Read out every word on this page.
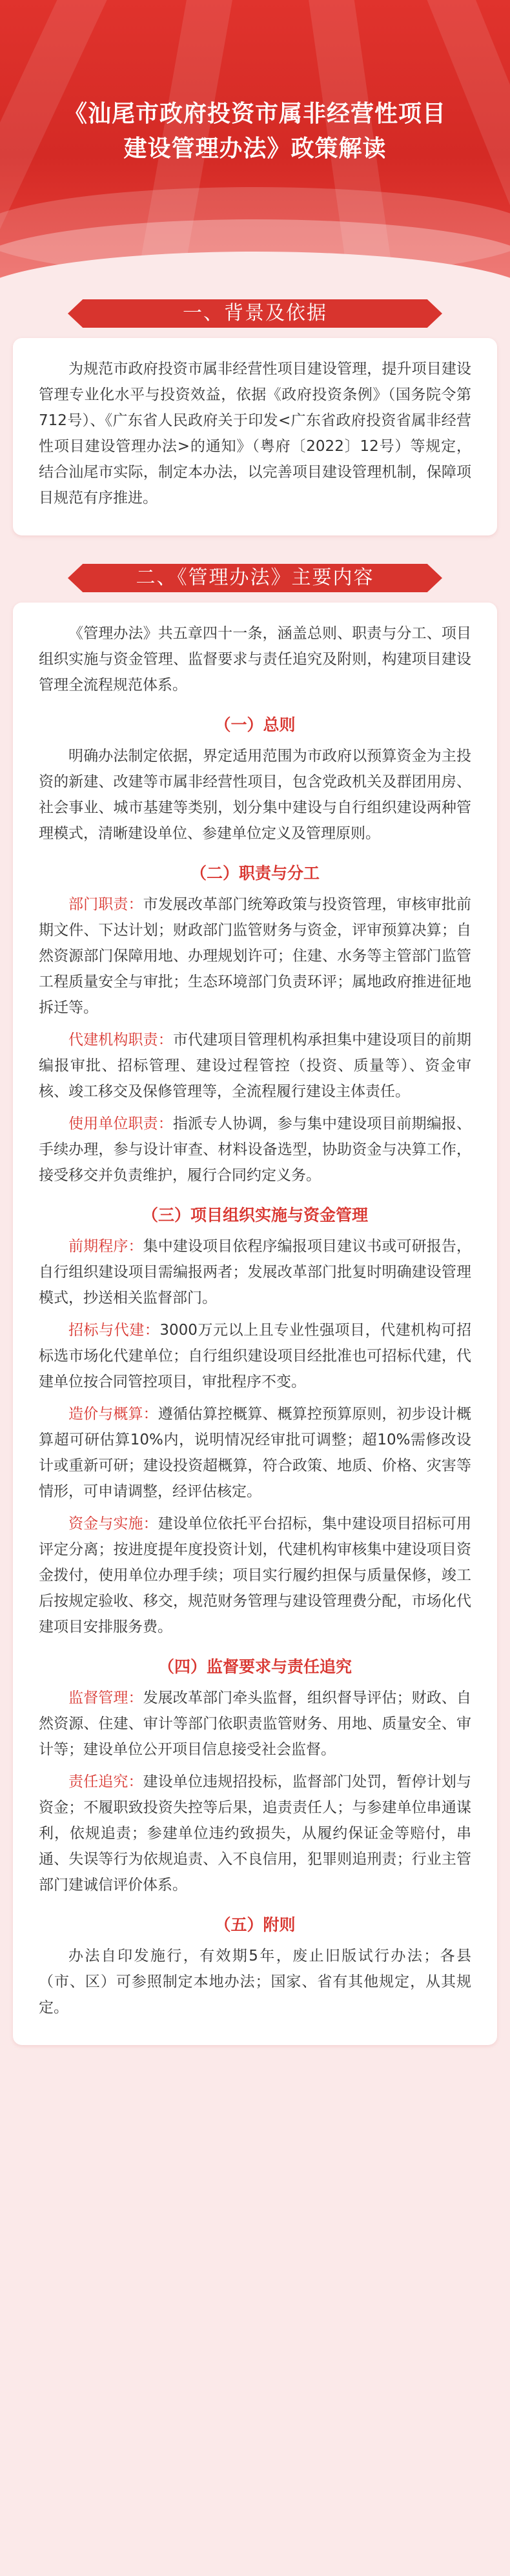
《汕尾市政府投资市属非经营性项目
建设管理办法》政策解读
一、背景及依据

为规范市政府投资市属非经营性项目建设管理，提升项目建设管理专业化水平与投资效益，依据《政府投资条例》（国务院令第712号）、《广东省人民政府关于印发<广东省政府投资省属非经营性项目建设管理办法>的通知》（粤府〔2022〕12号）等规定，结合汕尾市实际，制定本办法，以完善项目建设管理机制，保障项目规范有序推进。

二、《管理办法》主要内容

《管理办法》共五章四十一条，涵盖总则、职责与分工、项目组织实施与资金管理、监督要求与责任追究及附则，构建项目建设管理全流程规范体系。

（一）总则

明确办法制定依据，界定适用范围为市政府以预算资金为主投资的新建、改建等市属非经营性项目，包含党政机关及群团用房、社会事业、城市基建等类别，划分集中建设与自行组织建设两种管理模式，清晰建设单位、参建单位定义及管理原则。

（二）职责与分工

部门职责：市发展改革部门统筹政策与投资管理，审核审批前期文件、下达计划；财政部门监管财务与资金，评审预算决算；自然资源部门保障用地、办理规划许可；住建、水务等主管部门监管工程质量安全与审批；生态环境部门负责环评；属地政府推进征地拆迁等。

代建机构职责：市代建项目管理机构承担集中建设项目的前期编报审批、招标管理、建设过程管控（投资、质量等）、资金审核、竣工移交及保修管理等，全流程履行建设主体责任。

使用单位职责：指派专人协调，参与集中建设项目前期编报、手续办理，参与设计审查、材料设备选型，协助资金与决算工作，接受移交并负责维护，履行合同约定义务。

（三）项目组织实施与资金管理

前期程序：集中建设项目依程序编报项目建议书或可研报告，自行组织建设项目需编报两者；发展改革部门批复时明确建设管理模式，抄送相关监督部门。

招标与代建：3000万元以上且专业性强项目，代建机构可招标选市场化代建单位；自行组织建设项目经批准也可招标代建，代建单位按合同管控项目，审批程序不变。

造价与概算：遵循估算控概算、概算控预算原则，初步设计概算超可研估算10%内，说明情况经审批可调整；超10%需修改设计或重新可研；建设投资超概算，符合政策、地质、价格、灾害等情形，可申请调整，经评估核定。

资金与实施：建设单位依托平台招标，集中建设项目招标可用评定分离；按进度提年度投资计划，代建机构审核集中建设项目资金拨付，使用单位办理手续；项目实行履约担保与质量保修，竣工后按规定验收、移交，规范财务管理与建设管理费分配，市场化代建项目安排服务费。

（四）监督要求与责任追究

监督管理：发展改革部门牵头监督，组织督导评估；财政、自然资源、住建、审计等部门依职责监管财务、用地、质量安全、审计等；建设单位公开项目信息接受社会监督。

责任追究：建设单位违规招投标，监督部门处罚，暂停计划与资金；不履职致投资失控等后果，追责责任人；与参建单位串通谋利，依规追责；参建单位违约致损失，从履约保证金等赔付，串通、失误等行为依规追责、入不良信用，犯罪则追刑责；行业主管部门建诚信评价体系。

（五）附则

办法自印发施行，有效期5年，废止旧版试行办法；各县（市、区）可参照制定本地办法；国家、省有其他规定，从其规定。
